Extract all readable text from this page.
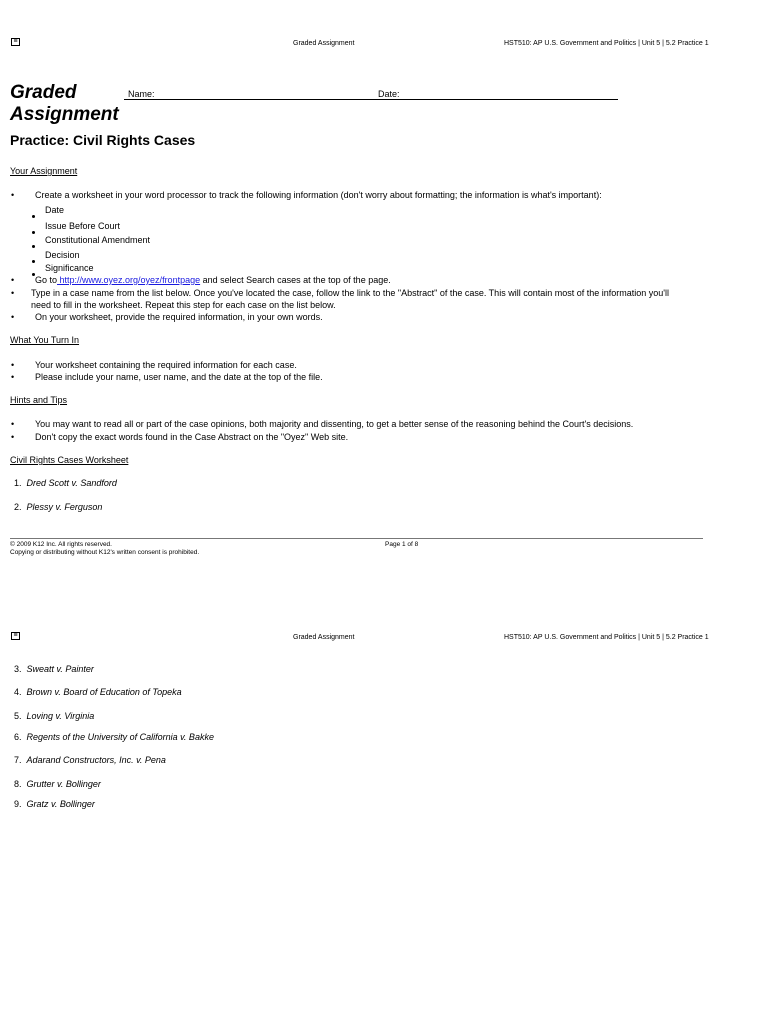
≡	Graded Assignment	HST510: AP U.S. Government and Politics | Unit 5 | 5.2 Practice 1
Graded
Assignment
Name:	Date:
Practice: Civil Rights Cases
Your Assignment
• Create a worksheet in your word processor to track the following information (don't worry about formatting; the information is what's important):
Date
Issue Before Court
Constitutional Amendment
Decision
Significance
• Go to http://www.oyez.org/oyez/frontpage and select Search cases at the top of the page.
• Type in a case name from the list below. Once you've located the case, follow the link to the "Abstract" of the case. This will contain most of the information you'll
need to fill in the worksheet. Repeat this step for each case on the list below.
• On your worksheet, provide the required information, in your own words.
What You Turn In
• Your worksheet containing the required information for each case.
• Please include your name, user name, and the date at the top of the file.
Hints and Tips
• You may want to read all or part of the case opinions, both majority and dissenting, to get a better sense of the reasoning behind the Court's decisions.
• Don't copy the exact words found in the Case Abstract on the "Oyez" Web site.
Civil Rights Cases Worksheet
1. Dred Scott v. Sandford
2. Plessy v. Ferguson
© 2009 K12 Inc. All rights reserved.
Copying or distributing without K12's written consent is prohibited.
Page 1 of 8
≡	Graded Assignment	HST510: AP U.S. Government and Politics | Unit 5 | 5.2 Practice 1
3. Sweatt v. Painter
4. Brown v. Board of Education of Topeka
5. Loving v. Virginia
6. Regents of the University of California v. Bakke
7. Adarand Constructors, Inc. v. Pena
8. Grutter v. Bollinger
9. Gratz v. Bollinger
